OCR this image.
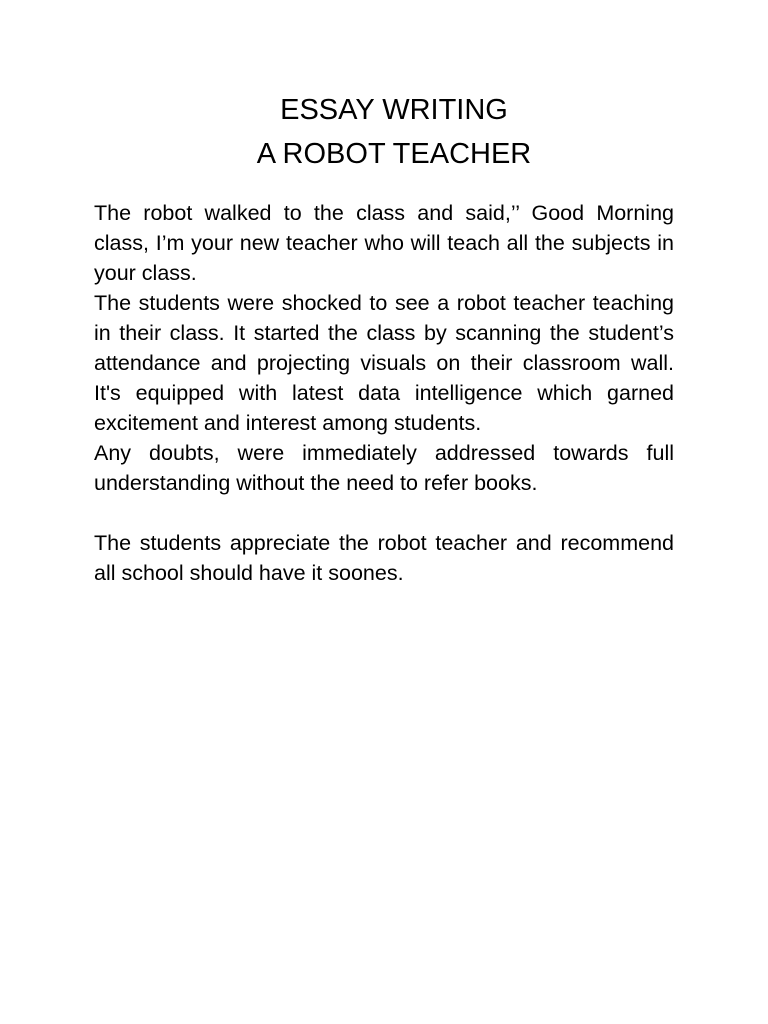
ESSAY WRITING
A ROBOT TEACHER

The robot walked to the class and said,’’ Good Morning class, I’m your new teacher who will teach all the subjects in your class.

The students were shocked to see a robot teacher teaching in their class. It started the class by scanning the student’s attendance and projecting visuals on their classroom wall. It's equipped with latest data intelligence which garned excitement and interest among students.

Any doubts, were immediately addressed towards full understanding without the need to refer books.

The students appreciate the robot teacher and recommend all school should have it soones.
